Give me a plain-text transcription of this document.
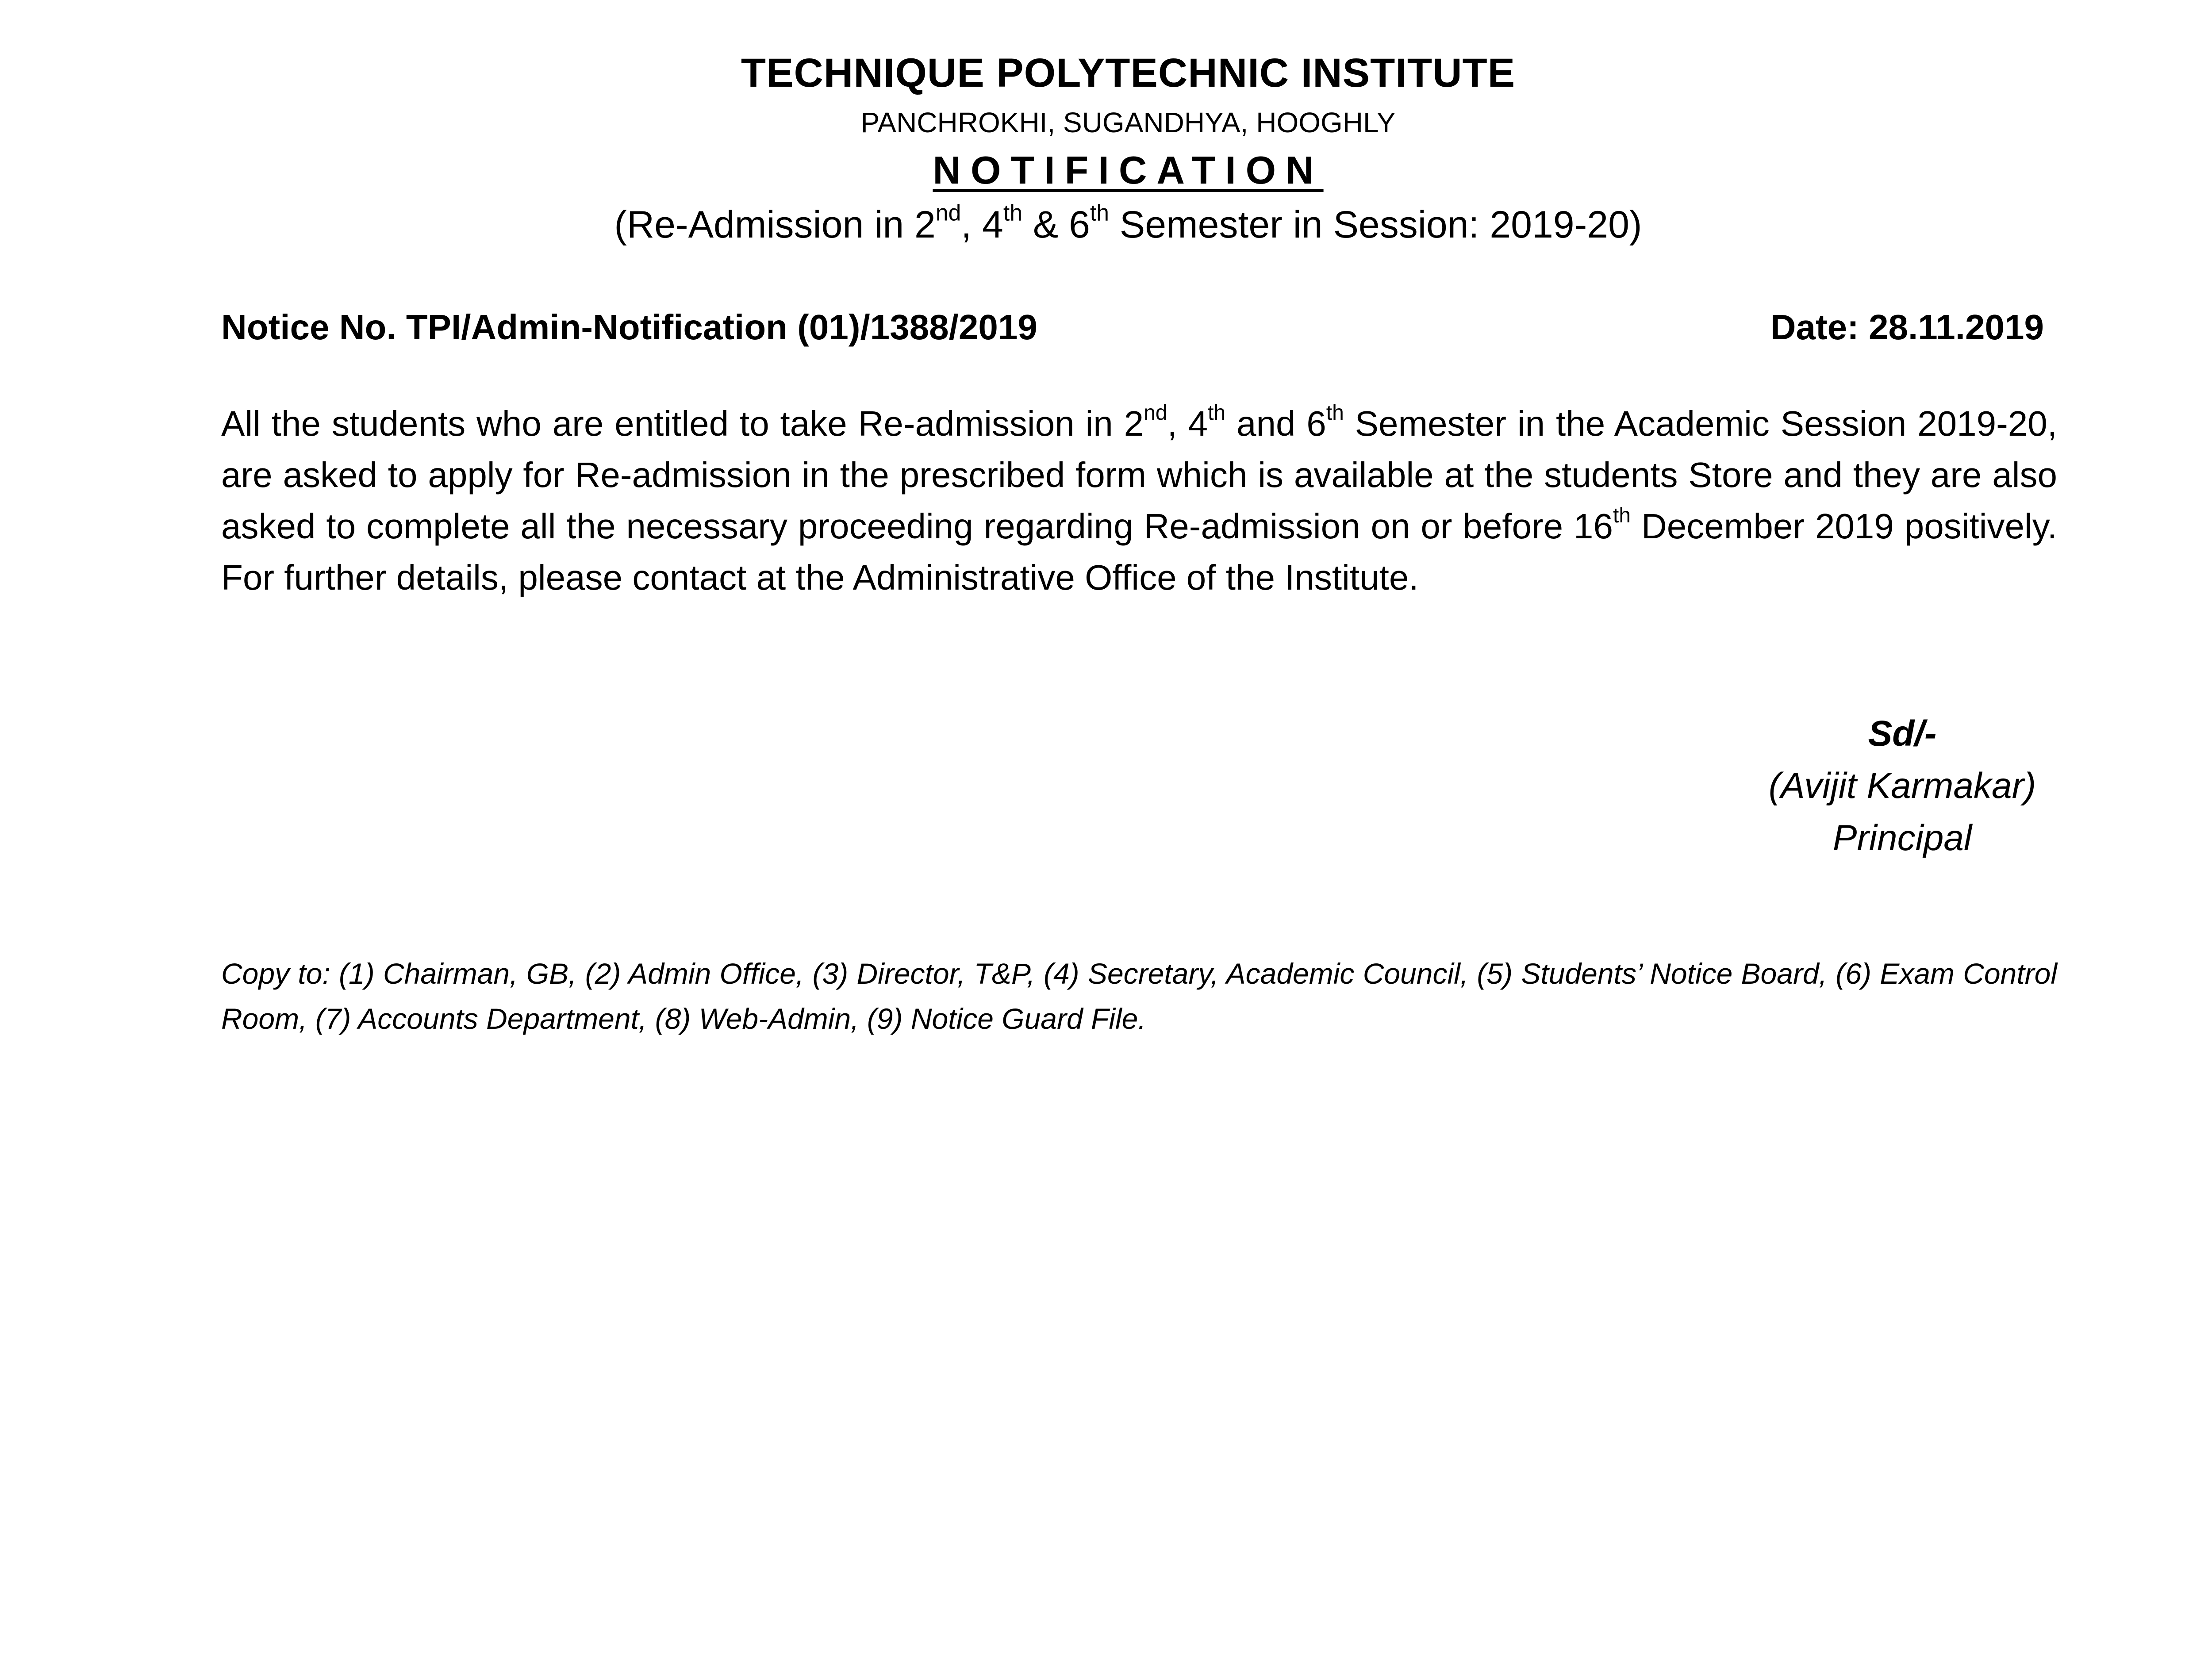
TECHNIQUE POLYTECHNIC INSTITUTE
PANCHROKHI, SUGANDHYA, HOOGHLY
NOTIFICATION
(Re-Admission in 2nd, 4th & 6th Semester in Session: 2019-20)
Notice No. TPI/Admin-Notification (01)/1388/2019	Date: 28.11.2019
All the students who are entitled to take Re-admission in 2nd, 4th and 6th Semester in the Academic Session 2019-20, are asked to apply for Re-admission in the prescribed form which is available at the students Store and they are also asked to complete all the necessary proceeding regarding Re-admission on or before 16th December 2019 positively. For further details, please contact at the Administrative Office of the Institute.
Sd/-
(Avijit Karmakar)
Principal
Copy to: (1) Chairman, GB, (2) Admin Office, (3) Director, T&P, (4) Secretary, Academic Council, (5) Students’ Notice Board, (6) Exam Control Room, (7) Accounts Department, (8) Web-Admin, (9) Notice Guard File.
